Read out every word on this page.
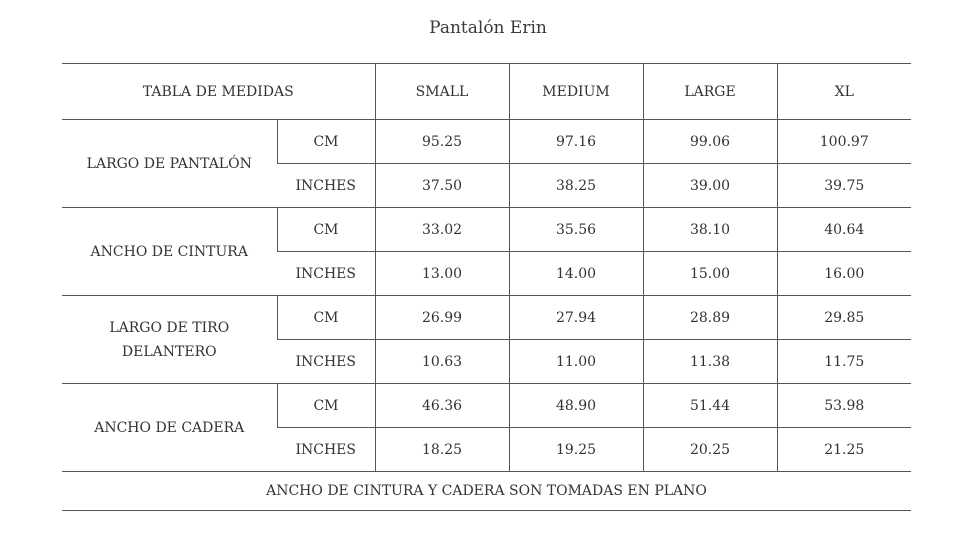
Pantalón Erin
TABLA DE MEDIDAS		SMALL	MEDIUM	LARGE	XL
LARGO DE PANTALÓN	CM	95.25	97.16	99.06	100.97
	INCHES	37.50	38.25	39.00	39.75
ANCHO DE CINTURA	CM	33.02	35.56	38.10	40.64
	INCHES	13.00	14.00	15.00	16.00
LARGO DE TIRO DELANTERO	CM	26.99	27.94	28.89	29.85
	INCHES	10.63	11.00	11.38	11.75
ANCHO DE CADERA	CM	46.36	48.90	51.44	53.98
	INCHES	18.25	19.25	20.25	21.25
ANCHO DE CINTURA Y CADERA SON TOMADAS EN PLANO					
